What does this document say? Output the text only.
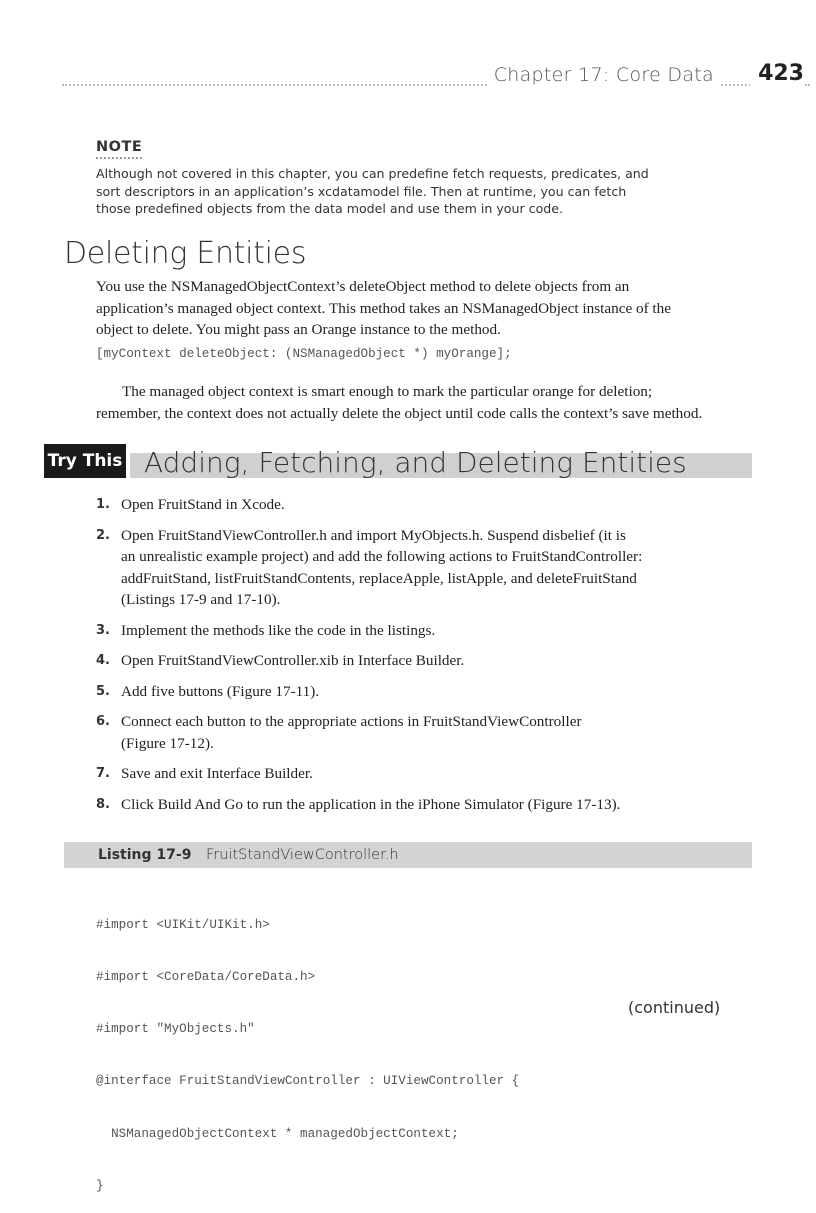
Chapter 17: Core Data	423
NOTE
Although not covered in this chapter, you can predefine fetch requests, predicates, and
sort descriptors in an application’s xcdatamodel file. Then at runtime, you can fetch
those predefined objects from the data model and use them in your code.
Deleting Entities
You use the NSManagedObjectContext’s deleteObject method to delete objects from an
application’s managed object context. This method takes an NSManagedObject instance of the
object to delete. You might pass an Orange instance to the method.
[myContext deleteObject: (NSManagedObject *) myOrange];
The managed object context is smart enough to mark the particular orange for deletion;
remember, the context does not actually delete the object until code calls the context’s save method.
Try This Adding, Fetching, and Deleting Entities
1. Open FruitStand in Xcode.
2. Open FruitStandViewController.h and import MyObjects.h. Suspend disbelief (it is
an unrealistic example project) and add the following actions to FruitStandController:
addFruitStand, listFruitStandContents, replaceApple, listApple, and deleteFruitStand
(Listings 17-9 and 17-10).
3. Implement the methods like the code in the listings.
4. Open FruitStandViewController.xib in Interface Builder.
5. Add five buttons (Figure 17-11).
6. Connect each button to the appropriate actions in FruitStandViewController
(Figure 17-12).
7. Save and exit Interface Builder.
8. Click Build And Go to run the application in the iPhone Simulator (Figure 17-13).
Listing 17-9 FruitStandViewController.h

#import <UIKit/UIKit.h>

#import <CoreData/CoreData.h>

#import "MyObjects.h"

@interface FruitStandViewController : UIViewController {

NSManagedObjectContext * managedObjectContext;

}

(continued)
